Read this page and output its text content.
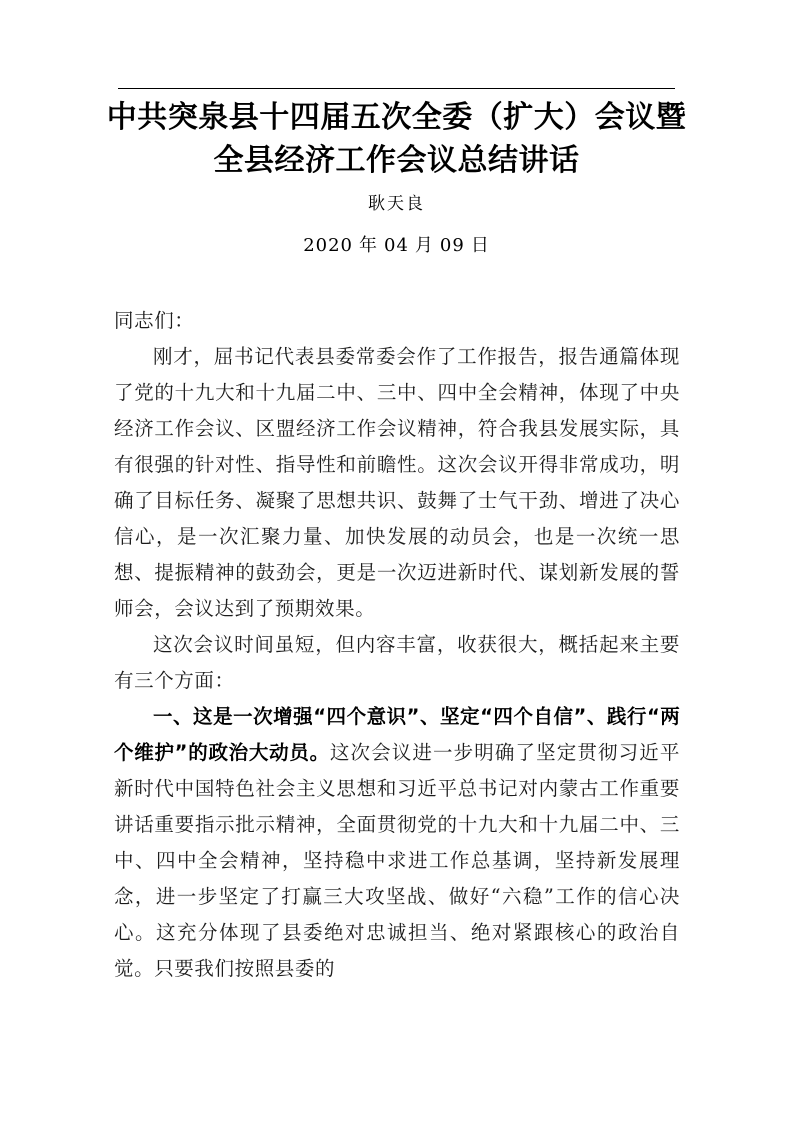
中共突泉县十四届五次全委（扩大）会议暨
全县经济工作会议总结讲话
耿天良
2020 年 04 月 09 日

同志们：

刚才，屈书记代表县委常委会作了工作报告，报告通篇体现了党的十九大和十九届二中、三中、四中全会精神，体现了中央经济工作会议、区盟经济工作会议精神，符合我县发展实际，具有很强的针对性、指导性和前瞻性。这次会议开得非常成功，明确了目标任务、凝聚了思想共识、鼓舞了士气干劲、增进了决心信心，是一次汇聚力量、加快发展的动员会，也是一次统一思想、提振精神的鼓劲会，更是一次迈进新时代、谋划新发展的誓师会，会议达到了预期效果。

这次会议时间虽短，但内容丰富，收获很大，概括起来主要有三个方面：

一、这是一次增强“四个意识”、坚定“四个自信”、践行“两个维护”的政治大动员。这次会议进一步明确了坚定贯彻习近平新时代中国特色社会主义思想和习近平总书记对内蒙古工作重要讲话重要指示批示精神，全面贯彻党的十九大和十九届二中、三中、四中全会精神，坚持稳中求进工作总基调，坚持新发展理念，进一步坚定了打赢三大攻坚战、做好“六稳”工作的信心决心。这充分体现了县委绝对忠诚担当、绝对紧跟核心的政治自觉。只要我们按照县委的
